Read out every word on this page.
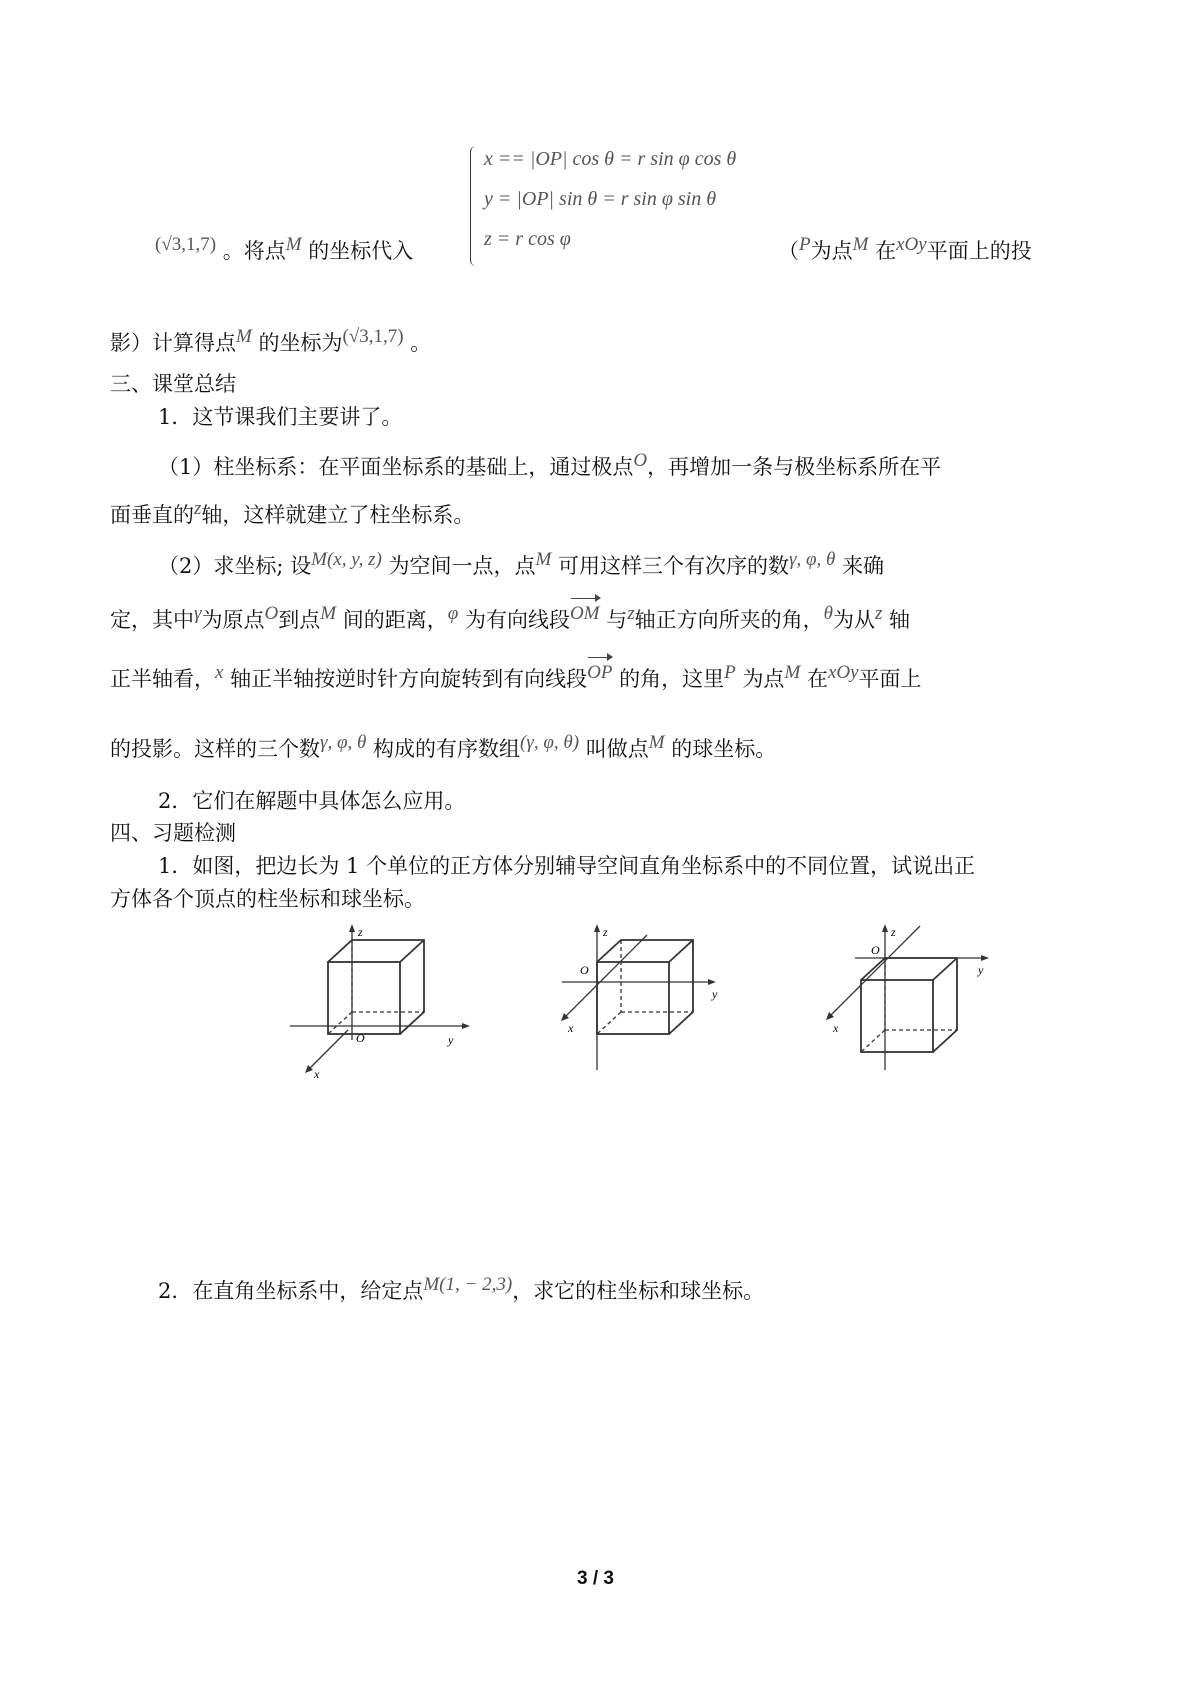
x == |OP| cos θ = r sin φ cos θ
y = |OP| sin θ = r sin φ sin θ
z = r cos φ
(√3,1,7) 。将点M 的坐标代入	（P为点M 在xOy平面上的投
影）计算得点M 的坐标为(√3,1,7) 。
三、课堂总结
1．这节课我们主要讲了。
（1）柱坐标系：在平面坐标系的基础上，通过极点O，再增加一条与极坐标系所在平
面垂直的z轴，这样就建立了柱坐标系。
（2）求坐标; 设M(x, y, z) 为空间一点，点M 可用这样三个有次序的数γ, φ, θ 来确
定，其中γ为原点O到点M 间的距离，φ 为有向线段OM 与z轴正方向所夹的角，θ为从z 轴
正半轴看，x 轴正半轴按逆时针方向旋转到有向线段OP 的角，这里P 为点M 在xOy平面上
的投影。这样的三个数γ, φ, θ 构成的有序数组(γ, φ, θ) 叫做点M 的球坐标。
2．它们在解题中具体怎么应用。
四、习题检测
1．如图，把边长为 1 个单位的正方体分别辅导空间直角坐标系中的不同位置，试说出正
方体各个顶点的柱坐标和球坐标。
z
y
x
O
z
y
x
O
z
y
x
O
2．在直角坐标系中，给定点M(1, − 2,3)，求它的柱坐标和球坐标。
3 / 3
